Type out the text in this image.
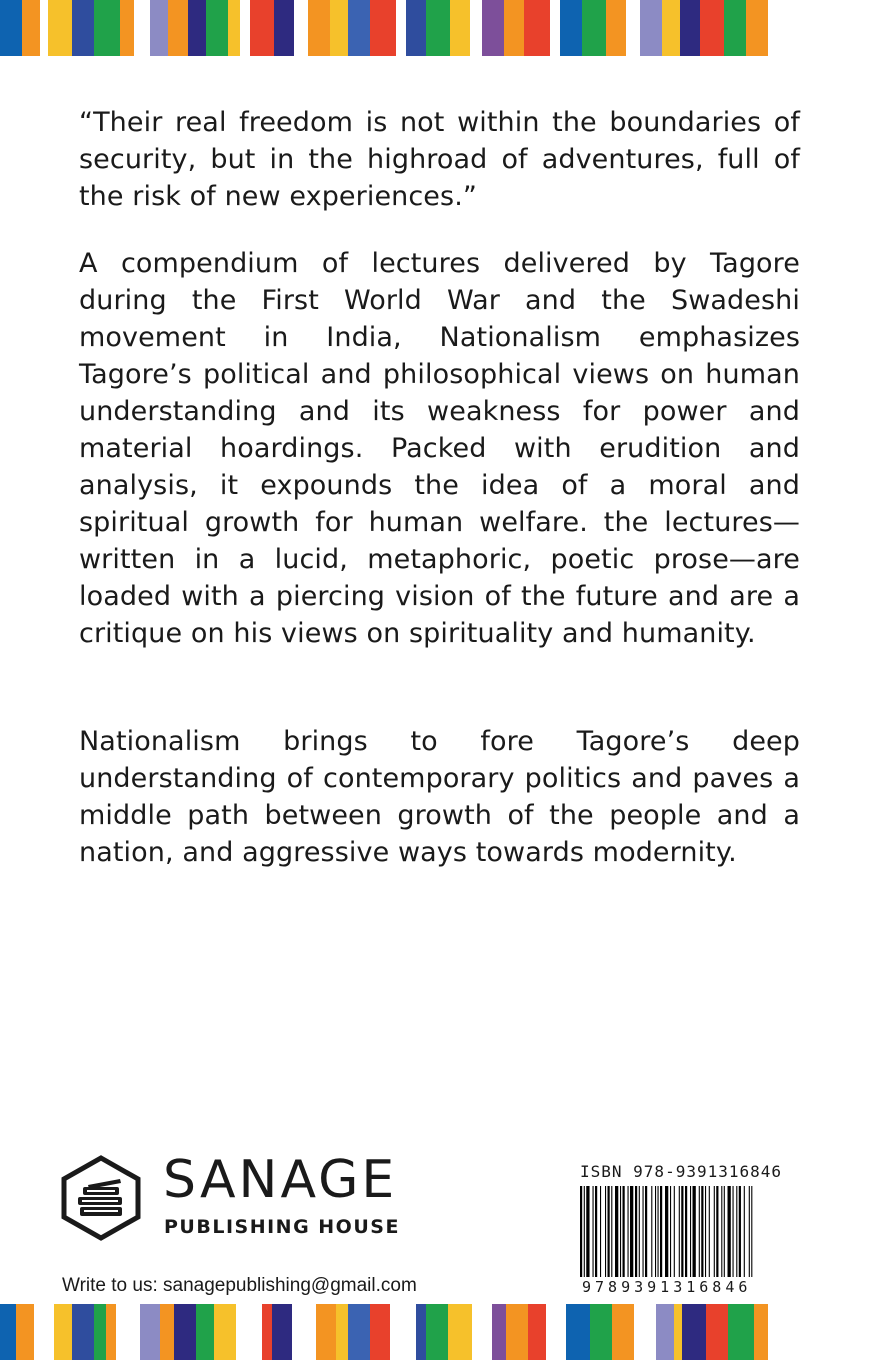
“Their real freedom is not within the boundaries of security, but in the highroad of adventures, full of the risk of new experiences.”

A compendium of lectures delivered by Tagore during the First World War and the Swadeshi movement in India, Nationalism emphasizes Tagore’s political and philosophical views on human understanding and its weakness for power and material hoardings. Packed with erudition and analysis, it expounds the idea of a moral and spiritual growth for human welfare. the lectures—written in a lucid, metaphoric, poetic prose—are loaded with a piercing vision of the future and are a critique on his views on spirituality and humanity.

Nationalism brings to fore Tagore’s deep understanding of contemporary politics and paves a middle path between growth of the people and a nation, and aggressive ways towards modernity.

SANAGE

PUBLISHING HOUSE

Write to us: sanagepublishing@gmail.com

ISBN 978-9391316846

9789391316846
